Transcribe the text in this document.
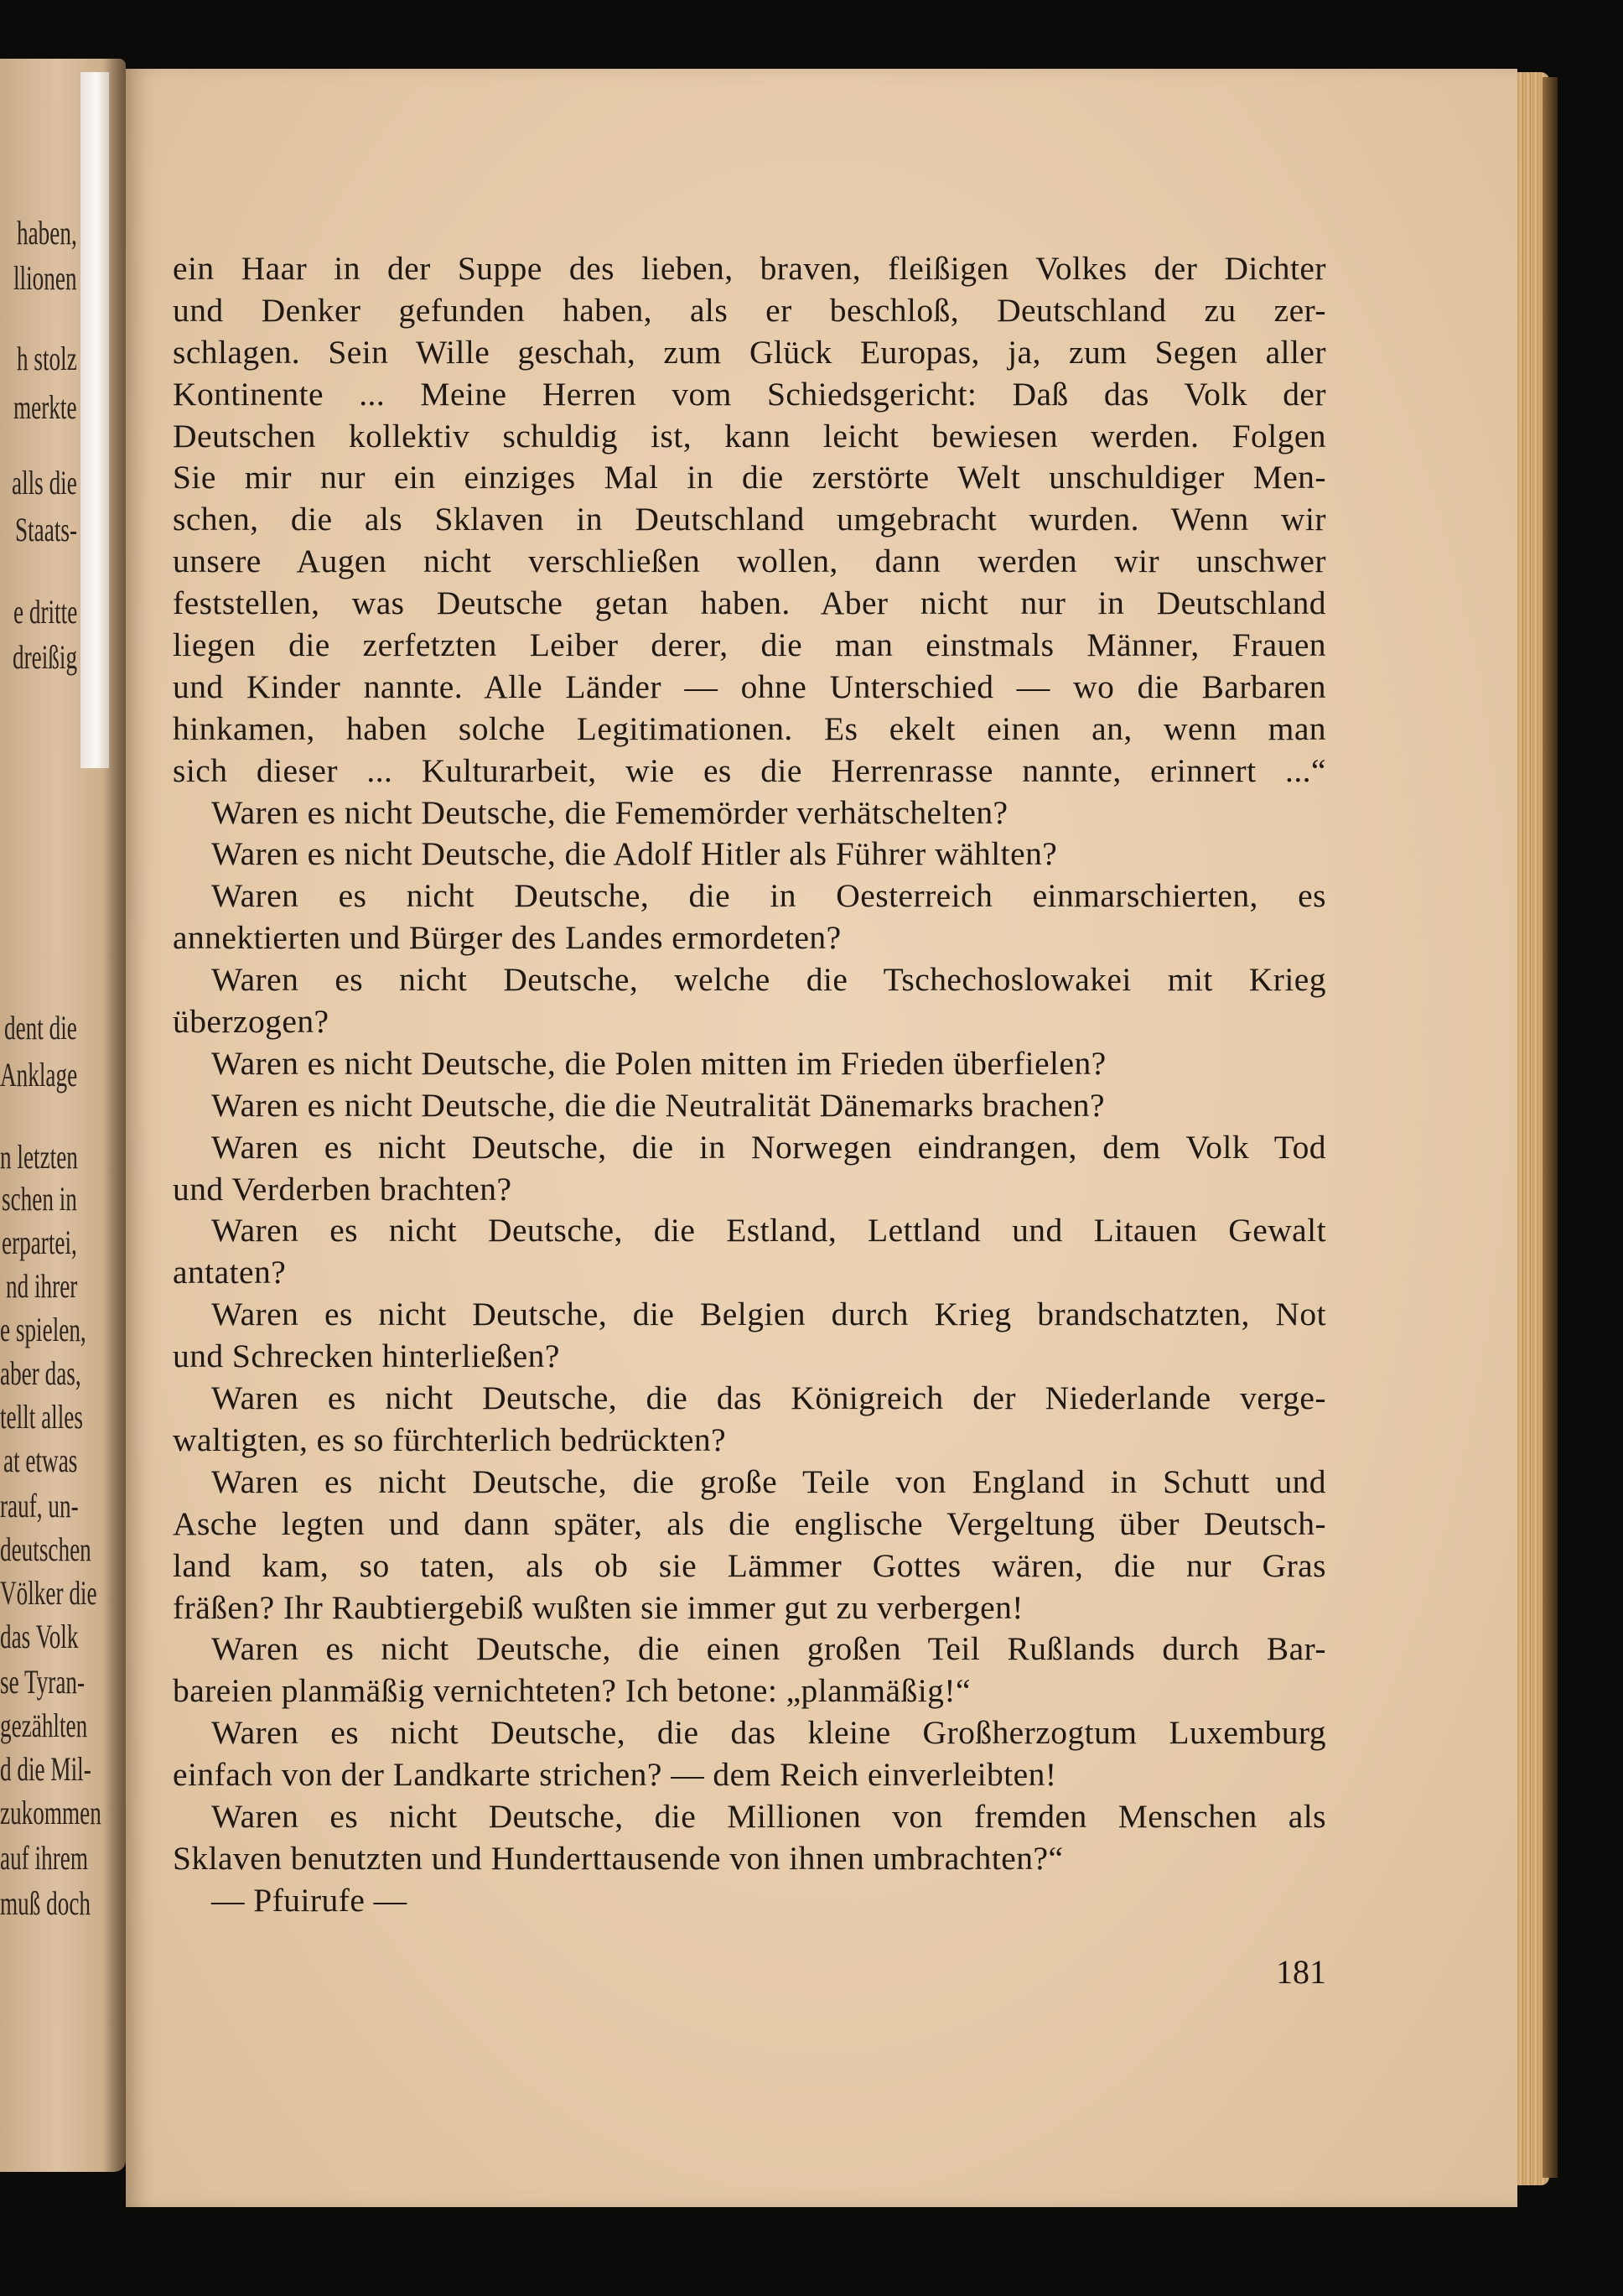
haben,
llionen
h stolz
merkte
alls die
Staats-
e dritte
dreißig
dent die
Anklage
n letzten
schen in
erpartei,
nd ihrer
e spielen,
aber das,
tellt alles
at etwas
rauf, un-
deutschen
Völker die
das Volk
se Tyran-
gezählten
d die Mil-
zukommen
auf ihrem
muß doch
ein Haar in der Suppe des lieben, braven, fleißigen Volkes der Dichter
und Denker gefunden haben, als er beschloß, Deutschland zu zer-
schlagen. Sein Wille geschah, zum Glück Europas, ja, zum Segen aller
Kontinente ... Meine Herren vom Schiedsgericht: Daß das Volk der
Deutschen kollektiv schuldig ist, kann leicht bewiesen werden. Folgen
Sie mir nur ein einziges Mal in die zerstörte Welt unschuldiger Men-
schen, die als Sklaven in Deutschland umgebracht wurden. Wenn wir
unsere Augen nicht verschließen wollen, dann werden wir unschwer
feststellen, was Deutsche getan haben. Aber nicht nur in Deutschland
liegen die zerfetzten Leiber derer, die man einstmals Männer, Frauen
und Kinder nannte. Alle Länder — ohne Unterschied — wo die Barbaren
hinkamen, haben solche Legitimationen. Es ekelt einen an, wenn man
sich dieser ... Kulturarbeit, wie es die Herrenrasse nannte, erinnert ...“
Waren es nicht Deutsche, die Fememörder verhätschelten?
Waren es nicht Deutsche, die Adolf Hitler als Führer wählten?
Waren es nicht Deutsche, die in Oesterreich einmarschierten, es
annektierten und Bürger des Landes ermordeten?
Waren es nicht Deutsche, welche die Tschechoslowakei mit Krieg
überzogen?
Waren es nicht Deutsche, die Polen mitten im Frieden überfielen?
Waren es nicht Deutsche, die die Neutralität Dänemarks brachen?
Waren es nicht Deutsche, die in Norwegen eindrangen, dem Volk Tod
und Verderben brachten?
Waren es nicht Deutsche, die Estland, Lettland und Litauen Gewalt
antaten?
Waren es nicht Deutsche, die Belgien durch Krieg brandschatzten, Not
und Schrecken hinterließen?
Waren es nicht Deutsche, die das Königreich der Niederlande verge-
waltigten, es so fürchterlich bedrückten?
Waren es nicht Deutsche, die große Teile von England in Schutt und
Asche legten und dann später, als die englische Vergeltung über Deutsch-
land kam, so taten, als ob sie Lämmer Gottes wären, die nur Gras
fräßen? Ihr Raubtiergebiß wußten sie immer gut zu verbergen!
Waren es nicht Deutsche, die einen großen Teil Rußlands durch Bar-
bareien planmäßig vernichteten? Ich betone: „planmäßig!“
Waren es nicht Deutsche, die das kleine Großherzogtum Luxemburg
einfach von der Landkarte strichen? — dem Reich einverleibten!
Waren es nicht Deutsche, die Millionen von fremden Menschen als
Sklaven benutzten und Hunderttausende von ihnen umbrachten?“
— Pfuirufe —
181
